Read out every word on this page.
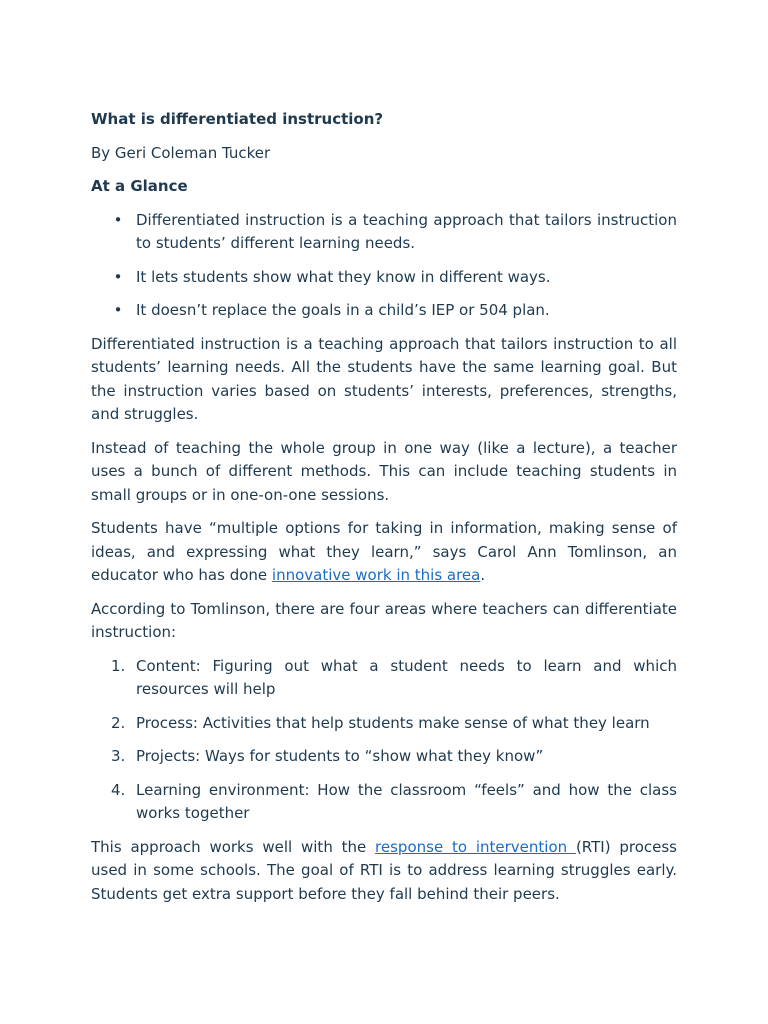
What is differentiated instruction?

By Geri Coleman Tucker

At a Glance

• Differentiated instruction is a teaching approach that tailors instruction to students’ different learning needs.
• It lets students show what they know in different ways.
• It doesn’t replace the goals in a child’s IEP or 504 plan.

Differentiated instruction is a teaching approach that tailors instruction to all students’ learning needs. All the students have the same learning goal. But the instruction varies based on students’ interests, preferences, strengths, and struggles.

Instead of teaching the whole group in one way (like a lecture), a teacher uses a bunch of different methods. This can include teaching students in small groups or in one-on-one sessions.

Students have “multiple options for taking in information, making sense of ideas, and expressing what they learn,” says Carol Ann Tomlinson, an educator who has done innovative work in this area.

According to Tomlinson, there are four areas where teachers can differentiate instruction:

1. Content: Figuring out what a student needs to learn and which resources will help
2. Process: Activities that help students make sense of what they learn
3. Projects: Ways for students to “show what they know”
4. Learning environment: How the classroom “feels” and how the class works together

This approach works well with the response to intervention (RTI) process used in some schools. The goal of RTI is to address learning struggles early. Students get extra support before they fall behind their peers.
